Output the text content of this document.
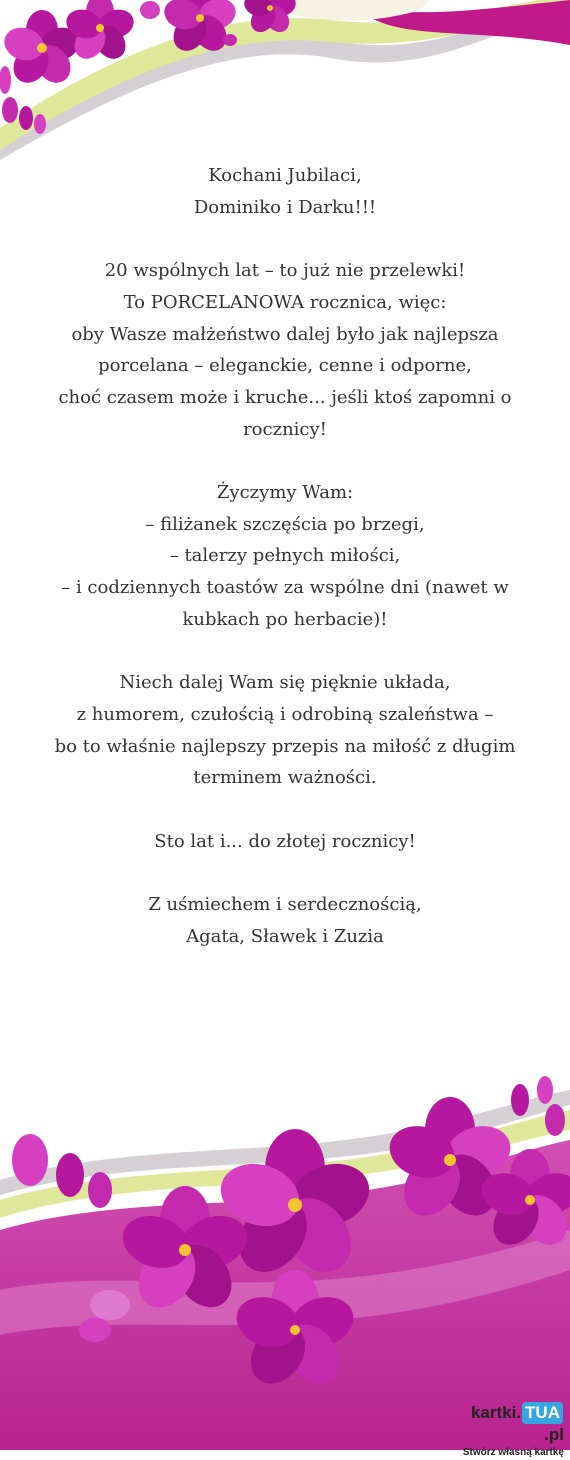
Kochani Jubilaci,
Dominiko i Darku!!!
20 wspólnych lat – to już nie przelewki!
To PORCELANOWA rocznica, więc:
oby Wasze małżeństwo dalej było jak najlepsza
porcelana – eleganckie, cenne i odporne,
choć czasem może i kruche... jeśli ktoś zapomni o
rocznicy!
Życzymy Wam:
– filiżanek szczęścia po brzegi,
– talerzy pełnych miłości,
– i codziennych toastów za wspólne dni (nawet w
kubkach po herbacie)!
Niech dalej Wam się pięknie układa,
z humorem, czułością i odrobiną szaleństwa –
bo to właśnie najlepszy przepis na miłość z długim
terminem ważności.
Sto lat i... do złotej rocznicy!
Z uśmiechem i serdecznością,
Agata, Sławek i Zuzia
kartki. TUA.pl
Stwórz własną kartkę
